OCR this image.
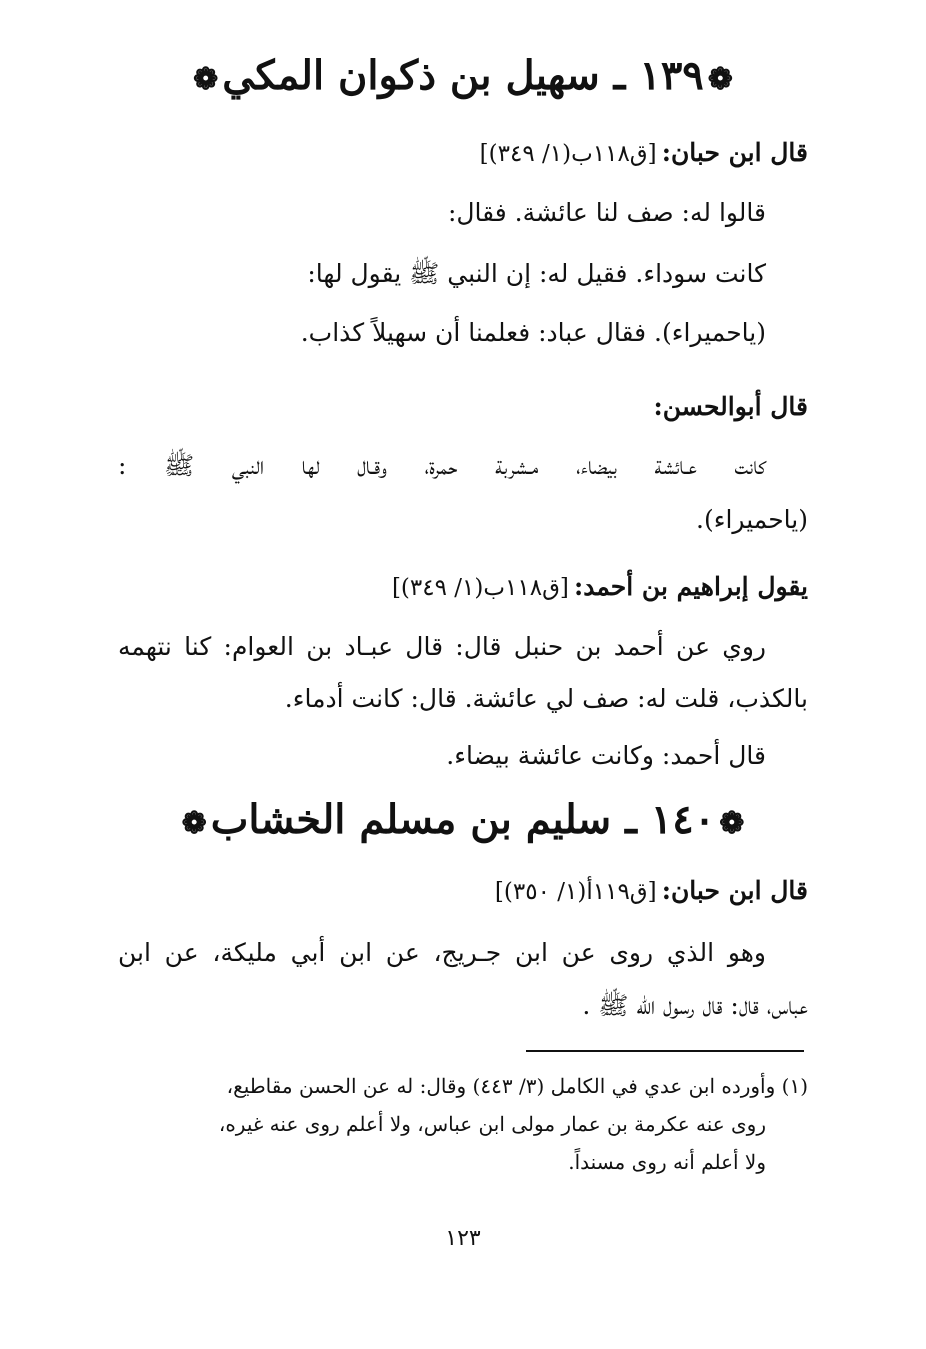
❁١٣٩ ـ سهيل بن ذكوان المكي❁
قال ابن حبان: [ق١١٨ب(١/ ٣٤٩)]
قالوا له: صف لنا عائشة. فقال:
كانت سوداء. فقيل له: إن النبي ﷺ يقول لها:
(ياحميراء). فقال عباد: فعلمنا أن سهيلاً كذاب.
قال أبوالحسن:
كانت عـائشة بيضاء، مـشربة حمرة، وقـال لها النبي ﷺ :
(ياحميراء).
يقول إبراهيم بن أحمد: [ق١١٨ب(١/ ٣٤٩)]
روي عن أحمد بن حنبل قال: قال عبـاد بن العوام: كنا نتهمه
بالكذب، قلت له: صف لي عائشة. قال: كانت أدماء.
قال أحمد: وكانت عائشة بيضاء.
❁١٤٠ ـ سليم بن مسلم الخشاب❁
قال ابن حبان: [ق١١٩أ(١/ ٣٥٠)]
وهو الذي روى عن ابن جـريج، عن ابن أبي مليكة، عن ابن
عباس، قال: قال رسول الله ﷺ .
(١) وأورده ابن عدي في الكامل (٣/ ٤٤٣) وقال: له عن الحسن مقاطيع،
روى عنه عكرمة بن عمار مولى ابن عباس، ولا أعلم روى عنه غيره،
ولا أعلم أنه روى مسنداً.
١٢٣
